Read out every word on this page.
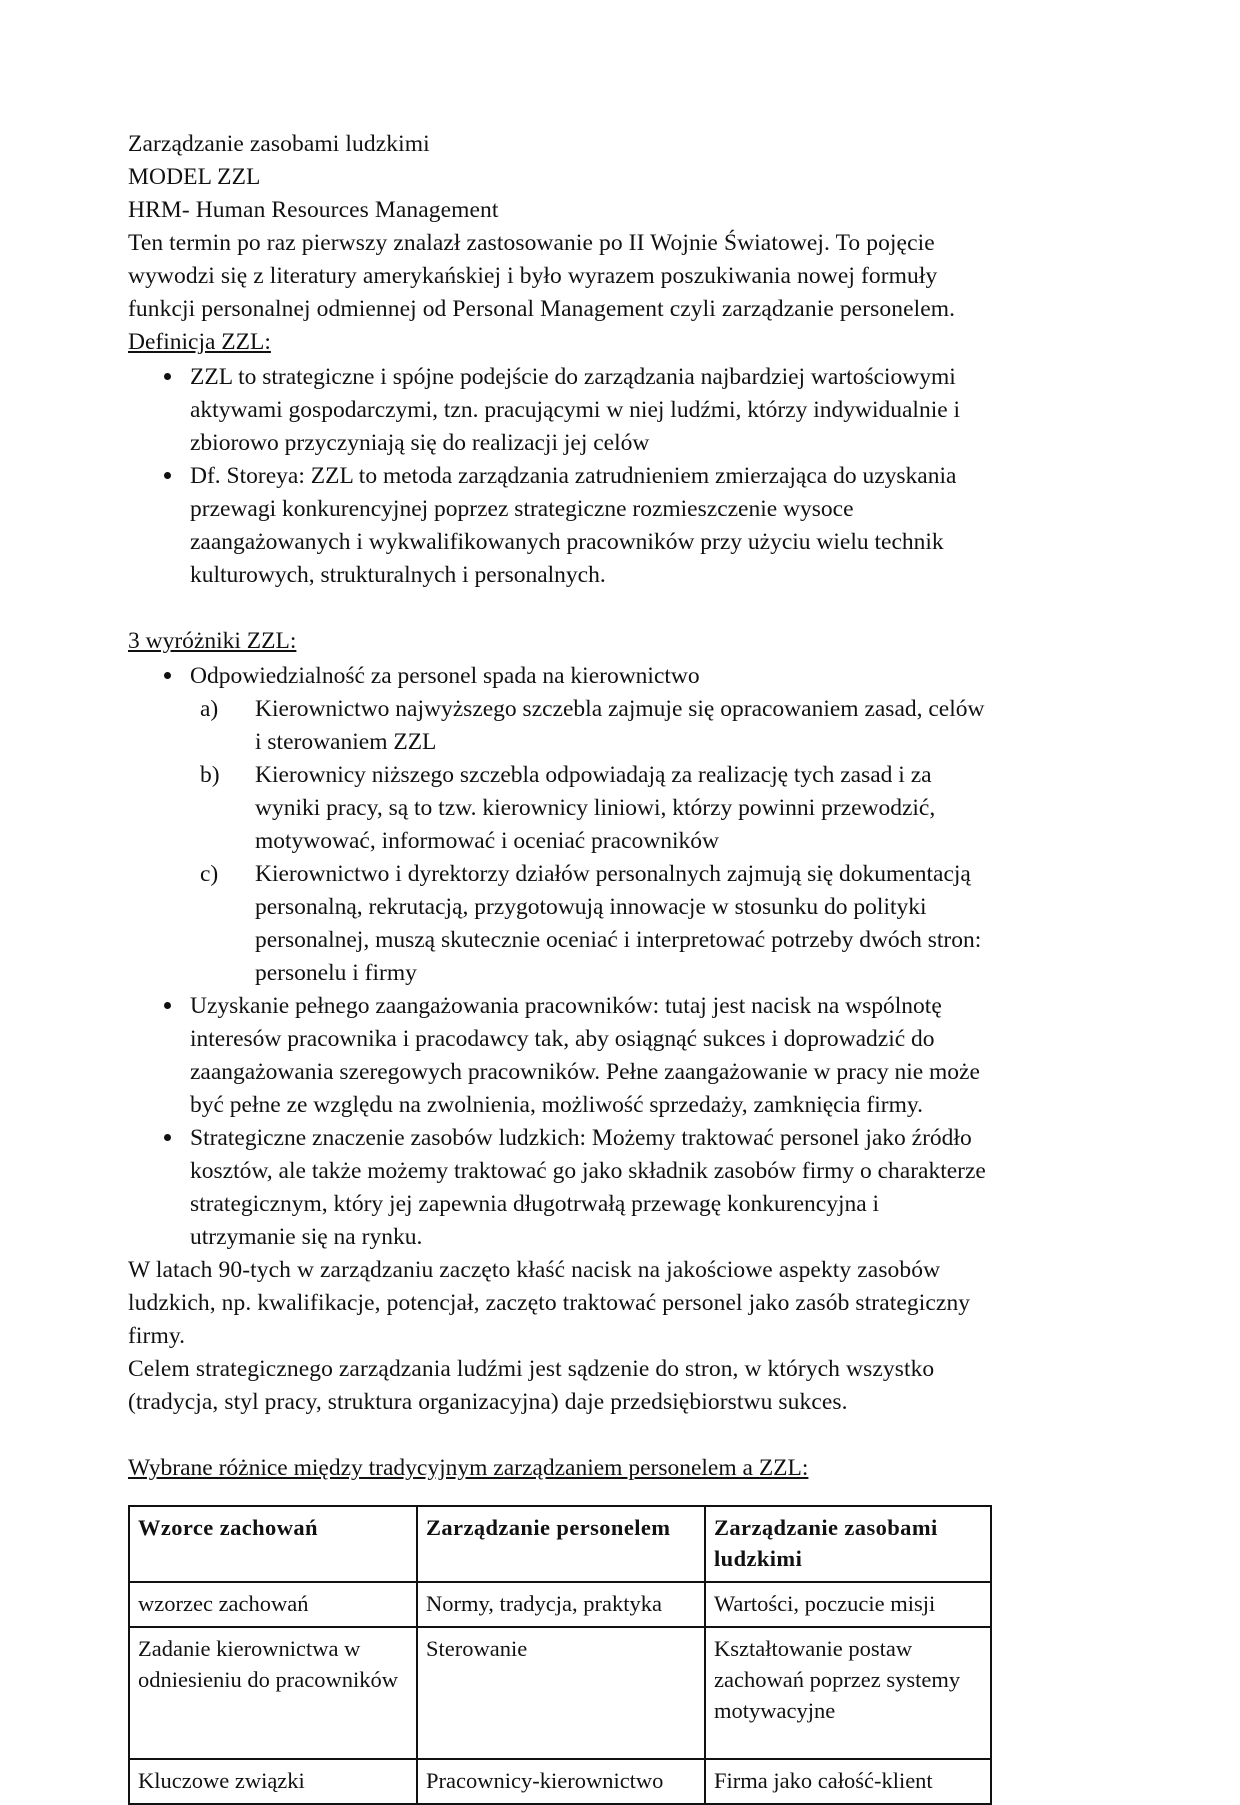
Zarządzanie zasobami ludzkimi
MODEL ZZL
HRM- Human Resources Management

Ten termin po raz pierwszy znalazł zastosowanie po II Wojnie Światowej. To pojęcie wywodzi się z literatury amerykańskiej i było wyrazem poszukiwania nowej formuły funkcji personalnej odmiennej od Personal Management czyli zarządzanie personelem.

Definicja ZZL:
ZZL to strategiczne i spójne podejście do zarządzania najbardziej wartościowymi aktywami gospodarczymi, tzn. pracującymi w niej ludźmi, którzy indywidualnie i zbiorowo przyczyniają się do realizacji jej celów
Df. Storeya: ZZL to metoda zarządzania zatrudnieniem zmierzająca do uzyskania przewagi konkurencyjnej poprzez strategiczne rozmieszczenie wysoce zaangażowanych i wykwalifikowanych pracowników przy użyciu wielu technik kulturowych, strukturalnych i personalnych.
3 wyróżniki ZZL:
Odpowiedzialność za personel spada na kierownictwo
a)	Kierownictwo najwyższego szczebla zajmuje się opracowaniem zasad, celów i sterowaniem ZZL
b)	Kierownicy niższego szczebla odpowiadają za realizację tych zasad i za wyniki pracy, są to tzw. kierownicy liniowi, którzy powinni przewodzić, motywować, informować i oceniać pracowników
c)	Kierownictwo i dyrektorzy działów personalnych zajmują się dokumentacją personalną, rekrutacją, przygotowują innowacje w stosunku do polityki personalnej, muszą skutecznie oceniać i interpretować potrzeby dwóch stron: personelu i firmy
Uzyskanie pełnego zaangażowania pracowników: tutaj jest nacisk na wspólnotę interesów pracownika i pracodawcy tak, aby osiągnąć sukces i doprowadzić do zaangażowania szeregowych pracowników. Pełne zaangażowanie w pracy nie może być pełne ze względu na zwolnienia, możliwość sprzedaży, zamknięcia firmy.
Strategiczne znaczenie zasobów ludzkich: Możemy traktować personel jako źródło kosztów, ale także możemy traktować go jako składnik zasobów firmy o charakterze strategicznym, który jej zapewnia długotrwałą przewagę konkurencyjna i utrzymanie się na rynku.

W latach 90-tych w zarządzaniu zaczęto kłaść nacisk na jakościowe aspekty zasobów ludzkich, np. kwalifikacje, potencjał, zaczęto traktować personel jako zasób strategiczny firmy.

Celem strategicznego zarządzania ludźmi jest sądzenie do stron, w których wszystko (tradycja, styl pracy, struktura organizacyjna) daje przedsiębiorstwu sukces.

Wybrane różnice między tradycyjnym zarządzaniem personelem a ZZL:
Wzorce zachowań	Zarządzanie personelem	Zarządzanie zasobami ludzkimi
wzorzec zachowań	Normy, tradycja, praktyka	Wartości, poczucie misji
Zadanie kierownictwa w odniesieniu do pracowników	Sterowanie	Kształtowanie postaw zachowań poprzez systemy motywacyjne
Kluczowe związki	Pracownicy-kierownictwo	Firma jako całość-klient
